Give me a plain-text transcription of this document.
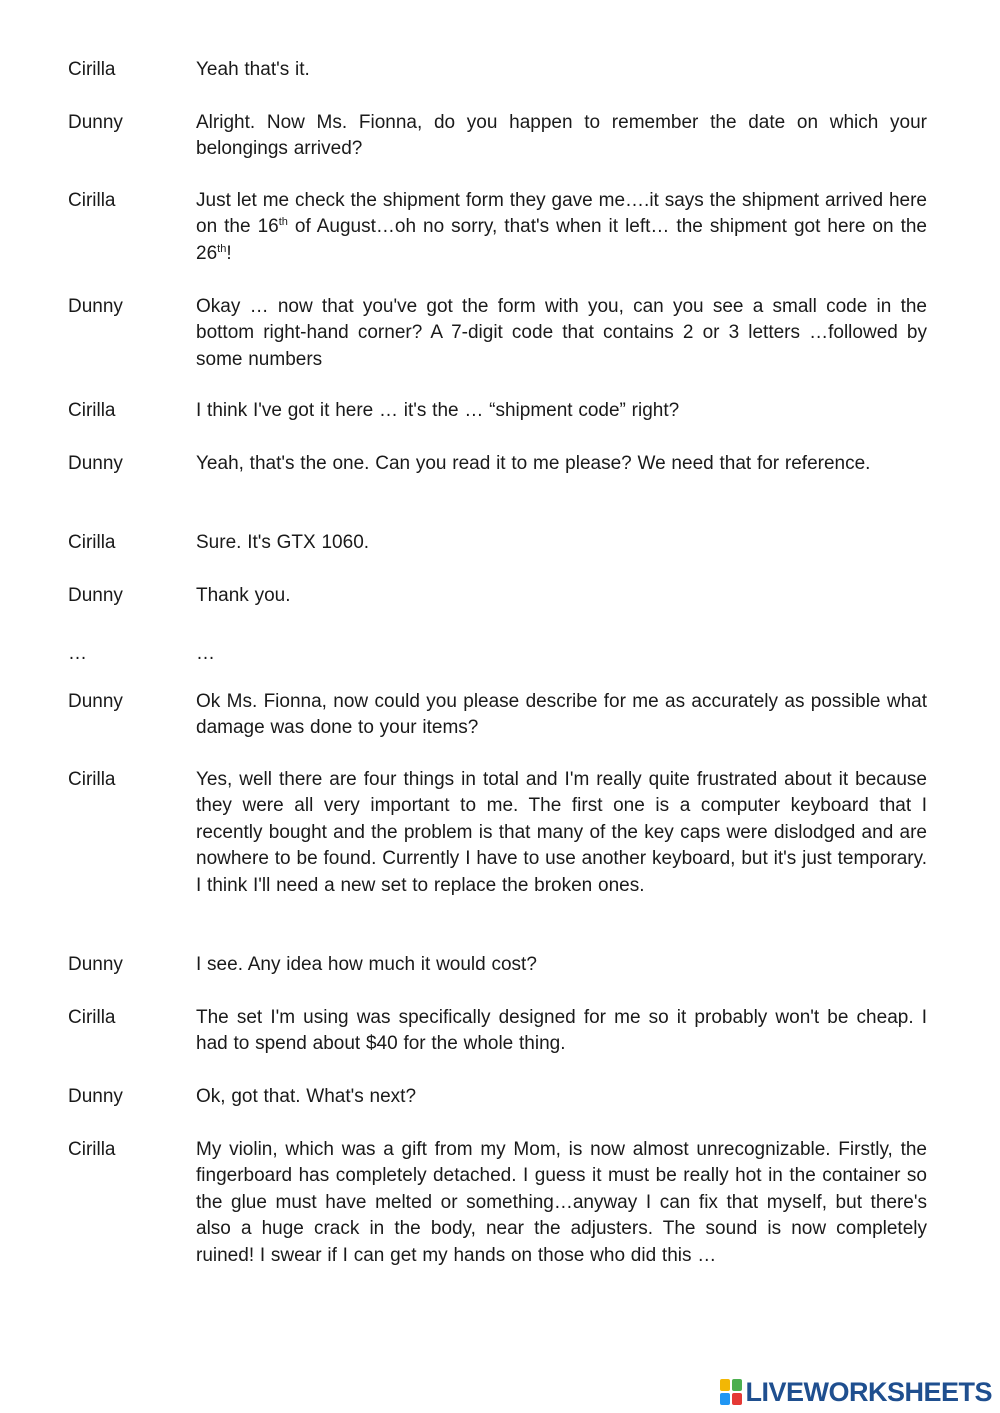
Cirilla	Yeah that's it.
Dunny	Alright. Now Ms. Fionna, do you happen to remember the date on which your belongings arrived?
Cirilla	Just let me check the shipment form they gave me….it says the shipment arrived here on the 16th of August…oh no sorry, that's when it left… the shipment got here on the 26th!
Dunny	Okay … now that you've got the form with you, can you see a small code in the bottom right-hand corner? A 7-digit code that contains 2 or 3 letters …followed by some numbers
Cirilla	I think I've got it here … it's the … “shipment code” right?
Dunny	Yeah, that's the one. Can you read it to me please? We need that for reference.
Cirilla	Sure. It's GTX 1060.
Dunny	Thank you.
…	…
Dunny	Ok Ms. Fionna, now could you please describe for me as accurately as possible what damage was done to your items?
Cirilla	Yes, well there are four things in total and I'm really quite frustrated about it because they were all very important to me. The first one is a computer keyboard that I recently bought and the problem is that many of the key caps were dislodged and are nowhere to be found. Currently I have to use another keyboard, but it's just temporary. I think I'll need a new set to replace the broken ones.
Dunny	I see. Any idea how much it would cost?
Cirilla	The set I'm using was specifically designed for me so it probably won't be cheap. I had to spend about $40 for the whole thing.
Dunny	Ok, got that. What's next?
Cirilla	My violin, which was a gift from my Mom, is now almost unrecognizable. Firstly, the fingerboard has completely detached. I guess it must be really hot in the container so the glue must have melted or something…anyway I can fix that myself, but there's also a huge crack in the body, near the adjusters. The sound is now completely ruined! I swear if I can get my hands on those who did this …
LIVEWORKSHEETS
